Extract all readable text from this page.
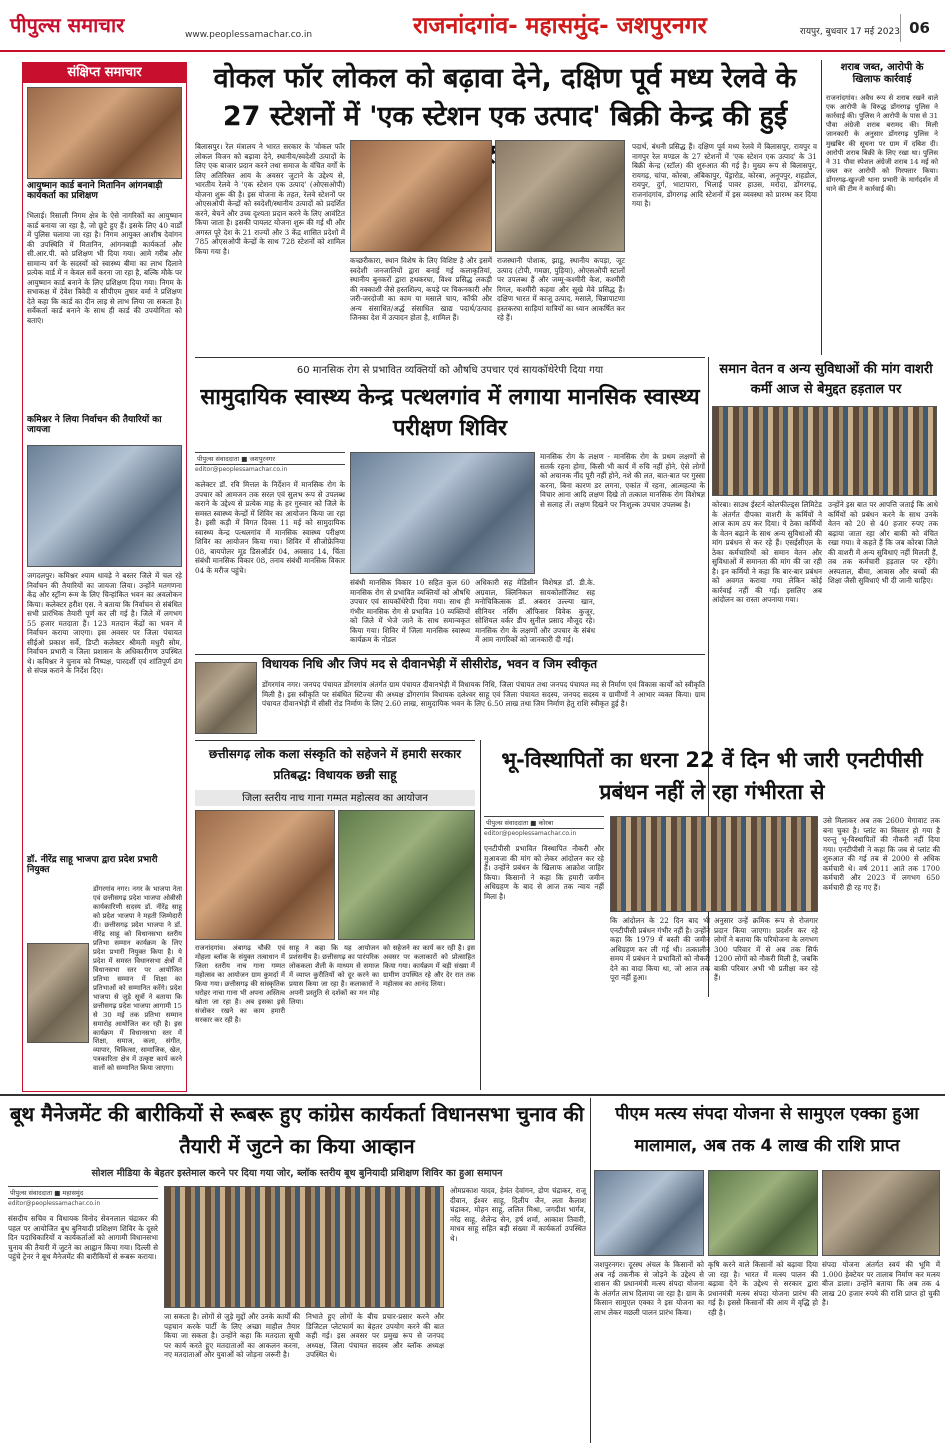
पीपुल्स समाचार	www.peoplessamachar.co.in	राजनांदगांव- महासमुंद- जशपुरनगर	रायपुर, बुधवार 17 मई 2023 06
संक्षिप्त समाचार
आयुष्मान कार्ड बनाने मितानिन आंगनबाड़ी कार्यकर्ता का प्रशिक्षण
भिलाई। रिसाली निगम क्षेत्र के ऐसे नागरिकों का आयुष्मान कार्ड बनाया जा रहा है, जो छूटे हुए हैं। इसके लिए 40 वार्डों में पुलिस चलाया जा रहा है। निगम आयुक्त आशीष देवांगन की उपस्थिति में मितानिन, आंगनबाड़ी कार्यकर्ता और सी.आर.पी. को प्रशिक्षण भी दिया गया। आमे गरीब और सामान्य वर्ग के सदस्यों को स्वास्थ्य बीमा का लाभ दिलाने प्रत्येक वार्ड में न केवल सर्वे करना जा रहा है, बल्कि मौके पर आयुष्मान कार्ड बनाने के लिए प्रशिक्षण दिया गया। निगम के सभाकक्ष में देवेश त्रिवेदी व सीपीएम तुषार वर्मा ने प्रशिक्षण देते कहा कि कार्ड का दीन लाइ से लाभ लिया जा सकता है। सर्वेकर्ता कार्ड बनाने के साथ ही कार्ड की उपयोगिता को बताएं।
कमिश्नर ने लिया निर्वाचन की तैयारियों का जायजा
जगदलपुर। कमिश्नर श्याम धावड़े ने बस्तर जिले में चल रहे निर्वाचन की तैयारियों का जायजा लिया। उन्होंने मतगणना केंद्र और स्ट्रॉन्ग रूम के लिए चिन्हांकित भवन का अवलोकन किया। कलेक्टर हरीश एस. ने बताया कि निर्वाचन से संबंधित सभी प्रारंभिक तैयारी पूर्ण कर ली गई है। जिले में लगभग 55 हजार मतदाता हैं। 123 मतदान केंद्रों का भवन में निर्वाचन कराया जाएगा। इस अवसर पर जिला पंचायत सीईओ प्रकाश सर्वे, डिप्टी कलेक्टर श्रीमती मधुरी सोम, निर्वाचन प्रभारी व जिला प्रशासन के अधिकारीगण उपस्थित थे। कमिश्नर ने चुनाव को निष्पक्ष, पारदर्शी एवं शांतिपूर्ण ढंग से संपन्न कराने के निर्देश दिए।
डॉ. नीरेंद्र साहू भाजपा द्वारा प्रदेश प्रभारी नियुक्त
डोंगरगांव नगर। नगर के भाजपा नेता एवं छत्तीसगढ़ प्रदेश भाजपा ओबीसी कार्यकारिणी सदस्य डॉ. नीरेंद्र साहू को प्रदेश भाजपा ने महती जिम्मेदारी दी। छत्तीसगढ़ प्रदेश भाजपा ने डॉ. नीरेंद्र साहू को विधानसभा स्तरीय प्रतिभा सम्मान कार्यक्रम के लिए प्रदेश प्रभारी नियुक्त किया है। ये प्रदेश में समस्त विधानसभा क्षेत्रों में विधानसभा स्तर पर आयोजित प्रतिभा सम्मान में शिक्षा का प्रतिभाओं को सम्मानित करेंगे। प्रदेश भाजपा से जुड़े सूत्रों ने बताया कि छत्तीसगढ़ प्रदेश भाजपा आगामी 15 से 30 मई तक प्रतिभा सम्मान समारोह आयोजित कर रही है। इस कार्यक्रम में विधानसभा स्तर में शिक्षा, समाज, कला, संगीत, व्यापार, चिकित्सा, सामाजिक, खेल, पत्रकारिता क्षेत्र में उत्कृष्ट कार्य करने वालों को सम्मानित किया जाएगा।
वोकल फॉर लोकल को बढ़ावा देने, दक्षिण पूर्व मध्य रेलवे के 27 स्टेशनों में 'एक स्टेशन एक उत्पाद' बिक्री केन्द्र की हुई
बिलासपुर। रेल मंत्रालय ने भारत सरकार के 'वोकल फॉर लोकल विजन को बढ़ावा देने, स्थानीय/स्वदेशी उत्पादों के लिए एक बाजार प्रदान करने तथा समाज के वंचित वर्गों के लिए अतिरिक्त आय के अवसर जुटाने के उद्देश्य से, भारतीय रेलवे ने 'एक स्टेशन एक उत्पाद' (ओएसओपी) योजना शुरू की है। इस योजना के तहत, रेलवे स्टेशनों पर ओएसओपी केन्द्रों को स्वदेशी/स्थानीय उत्पादों को प्रदर्शित करने, बेचने और उच्च दृश्यता प्रदान करने के लिए आवंटित किया जाता है। इसकी पायलट योजना शुरू की गई थी और अगस्त पूरे देश के 21 राज्यों और 3 केंद्र शासित प्रदेशों में 785 ओएसओपी केन्द्रों के साथ 728 स्टेशनों को शामिल किया गया है।
कच्छरीकारा, स्थान विशेष के लिए विशिष्ट है और इसमें स्वदेशी जनजातियों द्वारा बनाई गई कलाकृतियां, स्थानीय बुनकरों द्वारा हथकरघा, विश्व प्रसिद्ध लकड़ी की नक्काशी जैसे हस्तशिल्प, कपड़े पर चिकनकारी और जरी-जरदोजी का काम या मसाले चाय, कॉफी और अन्य संसाधित/अर्द्ध संसाधित खाद्य पदार्थ/उत्पाद जिनका देश में उत्पादन होता है, शामिल हैं।
राजस्थानी पोशाक, झाडू, स्थानीय कपड़ा, जूट उत्पाद (टोपी, गमछा, पुड़िया), ओएसओपी स्टालों पर उपलब्ध हैं और जम्मू-कश्मीरी केश, कश्मीरी रिगल, कश्मीरी कहवा और सूखे मेवे प्रसिद्ध हैं। दक्षिण भारत में काजू उत्पाद, मसाले, चिन्नापाटणा हस्तकरघा साड़ियां यात्रियों का ध्यान आकर्षित कर रहे हैं।
पदार्थ, बंधनी प्रसिद्ध हैं। दक्षिण पूर्व मध्य रेलवे में बिलासपुर, रायपुर व नागपुर रेल मण्डल के 27 स्टेशनों में 'एक स्टेशन एक उत्पाद' के 31 बिक्री केन्द्र (स्टॉल) की शुरुआत की गई है। मुख्य रूप से बिलासपुर, रायगढ़, चांपा, कोरबा, अंबिकापुर, पेंड्रारोड, कोरबा, अनूपपुर, शहडोल, रायपुर, दुर्ग, भाटापारा, भिलाई पावर हाउस, मरोदा, डोंगरगढ़, राजनांदगांव, डोंगरगढ़ आदि स्टेशनों में इस व्यवस्था को प्रारम्भ कर दिया गया है।
शराब जब्त, आरोपी के खिलाफ कार्रवाई
राजनांदगांव। अवैध रूप से शराब रखने वाले एक आरोपी के विरुद्ध डोंगरगढ़ पुलिस ने कार्रवाई की। पुलिस ने आरोपी के पास से 31 पौवा अंग्रेजी शराब बरामद की। मिली जानकारी के अनुसार डोंगरगढ़ पुलिस ने मुखबिर की सूचना पर ग्राम में दबिश दी। आरोपी शराब बिक्री के लिए रखा था। पुलिस ने 31 पौवा स्पेशल अंग्रेजी शराब 14 मई को जब्त कर आरोपी को गिरफ्तार किया। डोंगरगढ़-खुज्जी थाना प्रभारी के मार्गदर्शन में थाने की टीम ने कार्रवाई की।
60 मानसिक रोग से प्रभावित व्यक्तियों को औषधि उपचार एवं सायकॉथेरेपी दिया गया
सामुदायिक स्वास्थ्य केन्द्र पत्थलगांव में लगाया मानसिक स्वास्थ्य परीक्षण शिविर
पीपुल्स संवाददाता ■ जशपुरनगर
editor@peoplessamachar.co.in
कलेक्टर डॉ. रवि मित्तल के निर्देशन में मानसिक रोग के उपचार को आमजन तक सरल एवं सुलभ रूप से उपलब्ध कराने के उद्देश्य से प्रत्येक माह के हर गुरुवार को जिले के समस्त स्वास्थ्य केन्द्रों में शिविर का आयोजन किया जा रहा है। इसी कड़ी में विगत दिवस 11 मई को सामुदायिक स्वास्थ्य केन्द्र पत्थलगांव में मानसिक स्वास्थ्य परीक्षण शिविर का आयोजन किया गया। शिविर में सीजोफ्रेनिया 08, बायपोलर मूड डिसऑर्डर 04, अवसाद 14, चिंता संबंधी मानसिक विकार 08, तनाव संबंधी मानसिक विकार 04 के मरीज पहुंचे।
संबंधी मानसिक विकार 10 सहित कुल 60 मानसिक रोग से प्रभावित व्यक्तियों को औषधि उपचार एवं सायकॉथेरेपी दिया गया। साथ ही गंभीर मानसिक रोग से प्रभावित 10 व्यक्तियों को जिले में भेजे जाने के साथ समान्वकृत किया गया। शिविर में जिला मानसिक स्वास्थ्य कार्यक्रम के नोडल
अधिकारी सह मेडिसीन विशेषज्ञ डॉ. डी.के. अग्रवाल, क्लिनिकल सायकोलॉजिस्ट सह मनोचिकित्सक डॉ. अबरार उल्ल्या खान, सीनियर नर्सिंग ऑफिसर विवेक कुजूर, सोशियल वर्कर डीप सुनील प्रसाद मौजूद रहे। मानसिक रोग के लक्षणों और उपचार के संबंध में आम नागरिकों को जानकारी दी गई।
मानसिक रोग के लक्षण - मानसिक रोग के प्रथम लक्षणों से सतर्क रहना होगा, किसी भी कार्य में रुचि नहीं होने, ऐसे लोगों को अचानक नींद पूरी नहीं होने, नशे की लत, बात-बात पर गुस्सा करना, बिना कारण डर लगना, एकांत में रहना, आत्महत्या के विचार आना आदि लक्षण दिखे तो तत्काल मानसिक रोग विशेषज्ञ से सलाह लें। लक्षण दिखने पर निःशुल्क उपचार उपलब्ध है।
समान वेतन व अन्य सुविधाओं की मांग वाशरी कर्मी आज से बेमुद्दत हड़ताल पर
कोरबा। साउथ ईस्टर्न कोलफील्ड्स लिमिटेड के अंतर्गत दीपका वाशरी के कर्मियों ने आज काम ठप कर दिया। ये ठेका कर्मियों के वेतन बढ़ाने के साथ अन्य सुविधाओं की मांग प्रबंधन से कर रहे हैं। एसईसीएल के ठेका कर्मचारियों को समान वेतन और सुविधाओं में समानता की मांग की जा रही है। इन कर्मियों ने कहा कि बार-बार प्रबंधन को अवगत कराया गया लेकिन कोई कार्रवाई नहीं की गई। इसलिए अब आंदोलन का रास्ता अपनाया गया।
उन्होंने इस बात पर आपत्ति जताई कि आधे कर्मियों को प्रबंधन करने के साथ उनके वेतन को 20 से 40 हजार रुपए तक बढ़ाया जाता रहा और बाकी को वंचित रखा गया। वे कहते हैं कि जब कोरबा जिले की वाशरी में अन्य सुविधाएं नहीं मिलती हैं, तब तक कर्मचारी हड़ताल पर रहेंगे। अस्पताल, बीमा, आवास और बच्चों की शिक्षा जैसी सुविधाएं भी दी जानी चाहिए।
विधायक निधि और जिपं मद से दीवानभेड़ी में सीसीरोड, भवन व जिम स्वीकृत
डोंगरगांव नगर। जनपद पंचायत डोंगरगांव अंतर्गत ग्राम पंचायत दीवानभेड़ी में विधायक निधि, जिला पंचायत तथा जनपद पंचायत मद से निर्माण एवं विकास कार्यों को स्वीकृति मिली है। इस स्वीकृति पर संबंधित स्टिज्या की अध्यक्ष डोंगरगांव विधायक दलेश्वर साहू एवं जिला पंचायत सदस्य, जनपद सदस्य व ग्रामीणों ने आभार व्यक्त किया। ग्राम पंचायत दीवानभेड़ी में सीसी रोड निर्माण के लिए 2.60 लाख, सामुदायिक भवन के लिए 6.50 लाख तथा जिम निर्माण हेतु राशि स्वीकृत हुई है।
छत्तीसगढ़ लोक कला संस्कृति को सहेजने में हमारी सरकार प्रतिबद्ध: विधायक छन्नी साहू
जिला स्तरीय नाच गाना गम्मत महोत्सव का आयोजन
राजनांदगांव। अंबागढ़ चौकी एवं मोहला ब्लॉक के संयुक्त तत्वाधान में जिला स्तरीय नाच गाना गम्मत महोत्सव का आयोजन ग्राम कुमर्दा में किया गया। छत्तीसगढ़ की सांस्कृतिक धरोहर नाचा गाना भी अपना अस्तित्व खोता जा रहा है। अब इसका इसे संजोकर रखने का काम हमारी सरकार कर रही है।
साहू ने कहा कि यह आयोजन प्रशंसनीय है। छत्तीसगढ़ का पारंपरिक लोककला शैली के माध्यम से समाज में व्याप्त कुरीतियों को दूर करने का प्रयास किया जा रहा है। कलाकारों ने अपनी प्रस्तुति से दर्शकों का मन मोह लिया।
को सहेजने का कार्य कर रही है। इस अवसर पर कलाकारों को प्रोत्साहित किया गया। कार्यक्रम में बड़ी संख्या में ग्रामीण उपस्थित रहे और देर रात तक महोत्सव का आनंद लिया।
भू-विस्थापितों का धरना 22 वें दिन भी जारी एनटीपीसी प्रबंधन नहीं ले रहा गंभीरता से
पीपुल्स संवाददाता ■ कोरबा
editor@peoplessamachar.co.in
एनटीपीसी प्रभावित विस्थापित नौकरी और मुआवजा की मांग को लेकर आंदोलन कर रहे हैं। उन्होंने प्रबंधन के खिलाफ आक्रोश जाहिर किया। किसानों ने कहा कि हमारी जमीन अधिग्रहण के बाद से आज तक न्याय नहीं मिला है।
कि आंदोलन के 22 दिन बाद भी एनटीपीसी प्रबंधन गंभीर नहीं है। उन्होंने कहा कि 1979 में बस्ती की जमीन अधिग्रहण कर ली गई थी। तत्कालीन समय में प्रबंधन ने प्रभावितों को नौकरी देने का वादा किया था, जो आज तक पूरा नहीं हुआ।
अनुसार उन्हें क्रमिक रूप से रोजगार प्रदान किया जाएगा। प्रदर्शन कर रहे लोगों ने बताया कि परियोजना के लगभग 300 परिवार में से अब तक सिर्फ 1200 लोगों को नौकरी मिली है, जबकि बाकी परिवार अभी भी प्रतीक्षा कर रहे हैं।
उसे मिलाकर अब तक 2600 मेगावाट तक बना चुका है। प्लांट का विस्तार हो गया है परन्तु भू-विस्थापितों की नौकरी नहीं दिया गया। एनटीपीसी ने कहा कि जब से प्लांट की शुरुआत की गई तब से 2000 से अधिक कर्मचारी थे। वर्ष 2011 आते तक 1700 कर्मचारी और 2023 में लगभग 650 कर्मचारी ही रह गए हैं।
बूथ मैनेजमेंट की बारीकियों से रूबरू हुए कांग्रेस कार्यकर्ता विधानसभा चुनाव की तैयारी में जुटने का किया आव्हान
सोशल मीडिया के बेहतर इस्तेमाल करने पर दिया गया जोर, ब्लॉक स्तरीय बूथ बुनियादी प्रशिक्षण शिविर का हुआ समापन
पीपुल्स संवाददाता ■ महासमुंद
editor@peoplessamachar.co.in
संसदीय सचिव व विधायक विनोद सेवनलाल चंद्राकर की पहल पर आयोजित बूथ बुनियादी प्रशिक्षण शिविर के दूसरे दिन पदाधिकारियों व कार्यकर्ताओं को आगामी विधानसभा चुनाव की तैयारी में जुटने का आह्वान किया गया। दिल्ली से पहुंचे ट्रेनर ने बूथ मैनेजमेंट की बारीकियों से रूबरू कराया।
जा सकता है। लोगों से जुड़े मुद्दों और उनके कार्यों की पहचान करके पार्टी के लिए अच्छा माहौल तैयार किया जा सकता है। उन्होंने कहा कि मतदाता सूची पर कार्य करते हुए मतदाताओं का आकलन करना, नए मतदाताओं और युवाओं को जोड़ना जरूरी है।
निभाते हुए लोगों के बीच प्रचार-प्रसार करने और डिजिटल प्लेटफार्म का बेहतर उपयोग करने की बात कही गई। इस अवसर पर प्रमुख रूप से जनपद अध्यक्ष, जिला पंचायत सदस्य और ब्लॉक अध्यक्ष उपस्थित थे।
ओमप्रकाश यादव, हेमंत देवांगन, द्रोण चंद्राकर, राजू दीवान, ईश्वर साहू, दिलीप जैन, लता कैलाश चंद्राकर, मोहन साहू, ललित मिश्रा, जगदीश भार्गव, नरेंद्र साहू, शैलेन्द्र सेन, हर्ष शर्मा, आकाश तिवारी, माधव साहू सहित बड़ी संख्या में कार्यकर्ता उपस्थित थे।
पीएम मत्स्य संपदा योजना से सामुएल एक्का हुआ मालामाल, अब तक 4 लाख की राशि प्राप्त
जशपुरनगर। दूरस्थ अंचल के किसानों को अब नई तकनीक से जोड़ने के उद्देश्य से शासन की प्रधानमंत्री मत्स्य संपदा योजना के अंतर्गत लाभ दिलाया जा रहा है। ग्राम के किसान सामुएल एक्का ने इस योजना का लाभ लेकर मछली पालन प्रारंभ किया।
कृषि करने वाले किसानों को बढ़ावा दिया जा रहा है। भारत में मत्स्य पालन की बढ़ावा देने के उद्देश्य से सरकार द्वारा प्रधानमंत्री मत्स्य संपदा योजना प्रारंभ की गई है। इससे किसानों की आय में वृद्धि हो रही है।
संपदा योजना अंतर्गत स्वयं की भूमि में 1.000 हेक्टेयर पर तालाब निर्माण कर मत्स्य बीज डाला। उन्होंने बताया कि अब तक 4 लाख 20 हजार रुपये की राशि प्राप्त हो चुकी है।
